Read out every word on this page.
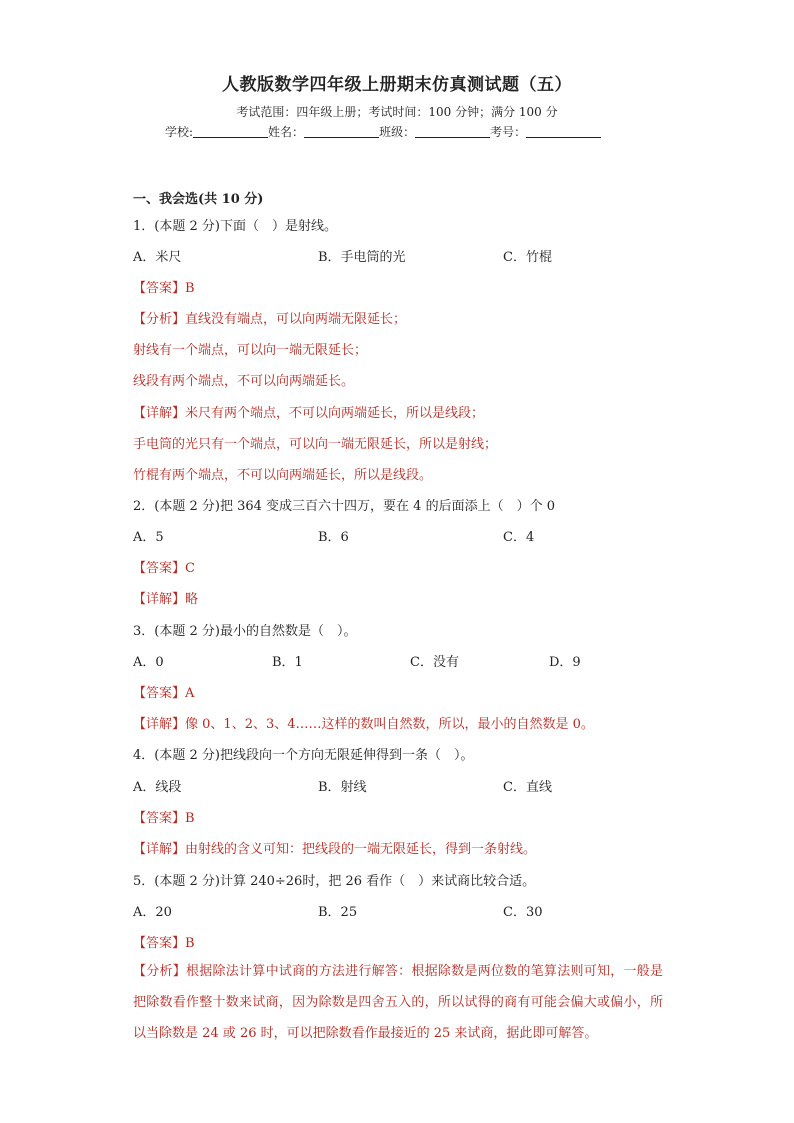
人教版数学四年级上册期末仿真测试题（五）
考试范围：四年级上册；考试时间：100 分钟；满分 100 分
学校:	姓名：	班级：	考号：
一、我会选(共 10 分)
1．(本题 2 分)下面（　）是射线。
A．米尺	B．手电筒的光	C．竹棍
【答案】B
【分析】直线没有端点，可以向两端无限延长；
射线有一个端点，可以向一端无限延长；
线段有两个端点，不可以向两端延长。
【详解】米尺有两个端点，不可以向两端延长，所以是线段；
手电筒的光只有一个端点，可以向一端无限延长，所以是射线；
竹棍有两个端点，不可以向两端延长，所以是线段。
2．(本题 2 分)把 364 变成三百六十四万，要在 4 的后面添上（　）个 0
A．5	B．6	C．4
【答案】C
【详解】略
3．(本题 2 分)最小的自然数是（　）。
A．0	B．1	C．没有	D．9
【答案】A
【详解】像 0、1、2、3、4……这样的数叫自然数，所以，最小的自然数是 0。
4．(本题 2 分)把线段向一个方向无限延伸得到一条（　）。
A．线段	B．射线	C．直线
【答案】B
【详解】由射线的含义可知：把线段的一端无限延长，得到一条射线。
5．(本题 2 分)计算 240÷26时，把 26 看作（　）来试商比较合适。
A．20	B．25	C．30
【答案】B
【分析】根据除法计算中试商的方法进行解答：根据除数是两位数的笔算法则可知，一般是把除数看作整十数来试商，因为除数是四舍五入的，所以试得的商有可能会偏大或偏小，所以当除数是 24 或 26 时，可以把除数看作最接近的 25 来试商，据此即可解答。
